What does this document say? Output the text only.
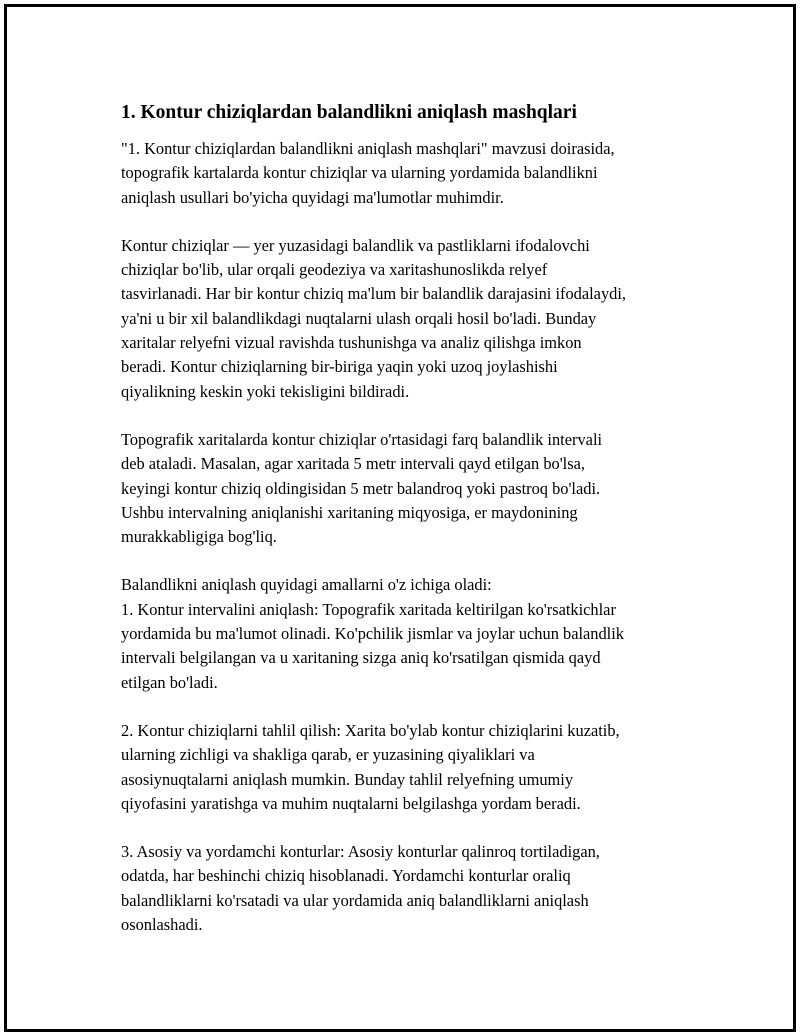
1. Kontur chiziqlardan balandlikni aniqlash mashqlari

"1. Kontur chiziqlardan balandlikni aniqlash mashqlari" mavzusi doirasida,
topografik kartalarda kontur chiziqlar va ularning yordamida balandlikni
aniqlash usullari bo'yicha quyidagi ma'lumotlar muhimdir.

Kontur chiziqlar — yer yuzasidagi balandlik va pastliklarni ifodalovchi
chiziqlar bo'lib, ular orqali geodeziya va xaritashunoslikda relyef
tasvirlanadi. Har bir kontur chiziq ma'lum bir balandlik darajasini ifodalaydi,
ya'ni u bir xil balandlikdagi nuqtalarni ulash orqali hosil bo'ladi. Bunday
xaritalar relyefni vizual ravishda tushunishga va analiz qilishga imkon
beradi. Kontur chiziqlarning bir-biriga yaqin yoki uzoq joylashishi
qiyalikning keskin yoki tekisligini bildiradi.

Topografik xaritalarda kontur chiziqlar o'rtasidagi farq balandlik intervali
deb ataladi. Masalan, agar xaritada 5 metr intervali qayd etilgan bo'lsa,
keyingi kontur chiziq oldingisidan 5 metr balandroq yoki pastroq bo'ladi.
Ushbu intervalning aniqlanishi xaritaning miqyosiga, er maydonining
murakkabligiga bog'liq.

Balandlikni aniqlash quyidagi amallarni o'z ichiga oladi:
1. Kontur intervalini aniqlash: Topografik xaritada keltirilgan ko'rsatkichlar
yordamida bu ma'lumot olinadi. Ko'pchilik jismlar va joylar uchun balandlik
intervali belgilangan va u xaritaning sizga aniq ko'rsatilgan qismida qayd
etilgan bo'ladi.

2. Kontur chiziqlarni tahlil qilish: Xarita bo'ylab kontur chiziqlarini kuzatib,
ularning zichligi va shakliga qarab, er yuzasining qiyaliklari va
asosiynuqtalarni aniqlash mumkin. Bunday tahlil relyefning umumiy
qiyofasini yaratishga va muhim nuqtalarni belgilashga yordam beradi.

3. Asosiy va yordamchi konturlar: Asosiy konturlar qalinroq tortiladigan,
odatda, har beshinchi chiziq hisoblanadi. Yordamchi konturlar oraliq
balandliklarni ko'rsatadi va ular yordamida aniq balandliklarni aniqlash
osonlashadi.
